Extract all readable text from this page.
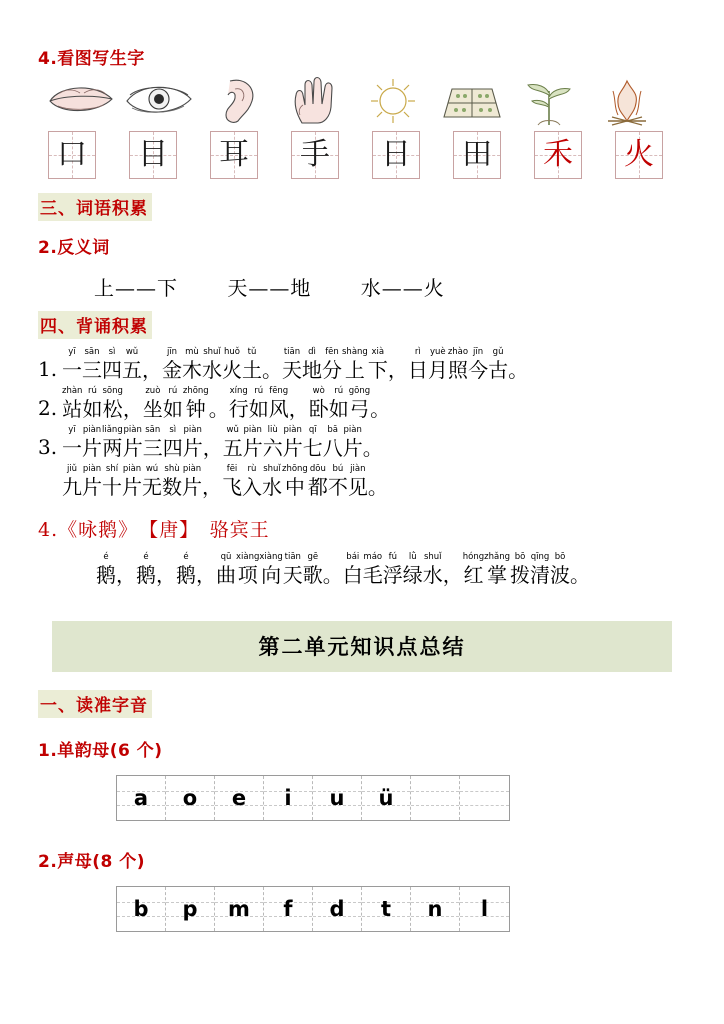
4.看图写生字
口 目 耳 手 日 田 禾 火
三、词语积累
2.反义词
上——下 天——地 水——火
四、背诵积累
1.
yī
一
sān
三
sì
四
wǔ
五 ，
jīn
金
mù
木
shuǐ
水
huǒ
火
tǔ
土 。
tiān
天
dì
地
fēn
分
shàng
上
xià
下 ，
rì
日
yuè
月
zhào
照
jīn
今
gǔ
古 。
2.
zhàn
站
rú
如
sōng
松 ，
zuò
坐
rú
如
zhōng
钟 。
xíng
行
rú
如
fēng
风 ，
wò
卧
rú
如
gōng
弓 。
3.
yī
一
piàn
片
liǎng
两
piàn
片
sān
三
sì
四
piàn
片 ，
wǔ
五
piàn
片
liù
六
piàn
片
qī
七
bā
八
piàn
片 。
jiǔ
九
piàn
片
shí
十
piàn
片
wú
无
shù
数
piàn
片 ，
fēi
飞
rù
入
shuǐ
水
zhōng
中
dōu
都
bú
不
jiàn
见 。
4.《咏鹅》　【唐】　骆宾王
é
鹅 ，
é
鹅 ，
é
鹅 ，
qū
曲
xiàng
项
xiàng
向
tiān
天
gē
歌 。
bái
白
máo
毛
fú
浮
lǜ
绿
shuǐ
水 ，
hóng
红
zhǎng
掌
bō
拨
qīng
清
bō
波 。
第二单元知识点总结
一、读准字音
1.单韵母(6 个)
a o e i u ü
2.声母(8 个)
b p m f d t n l
